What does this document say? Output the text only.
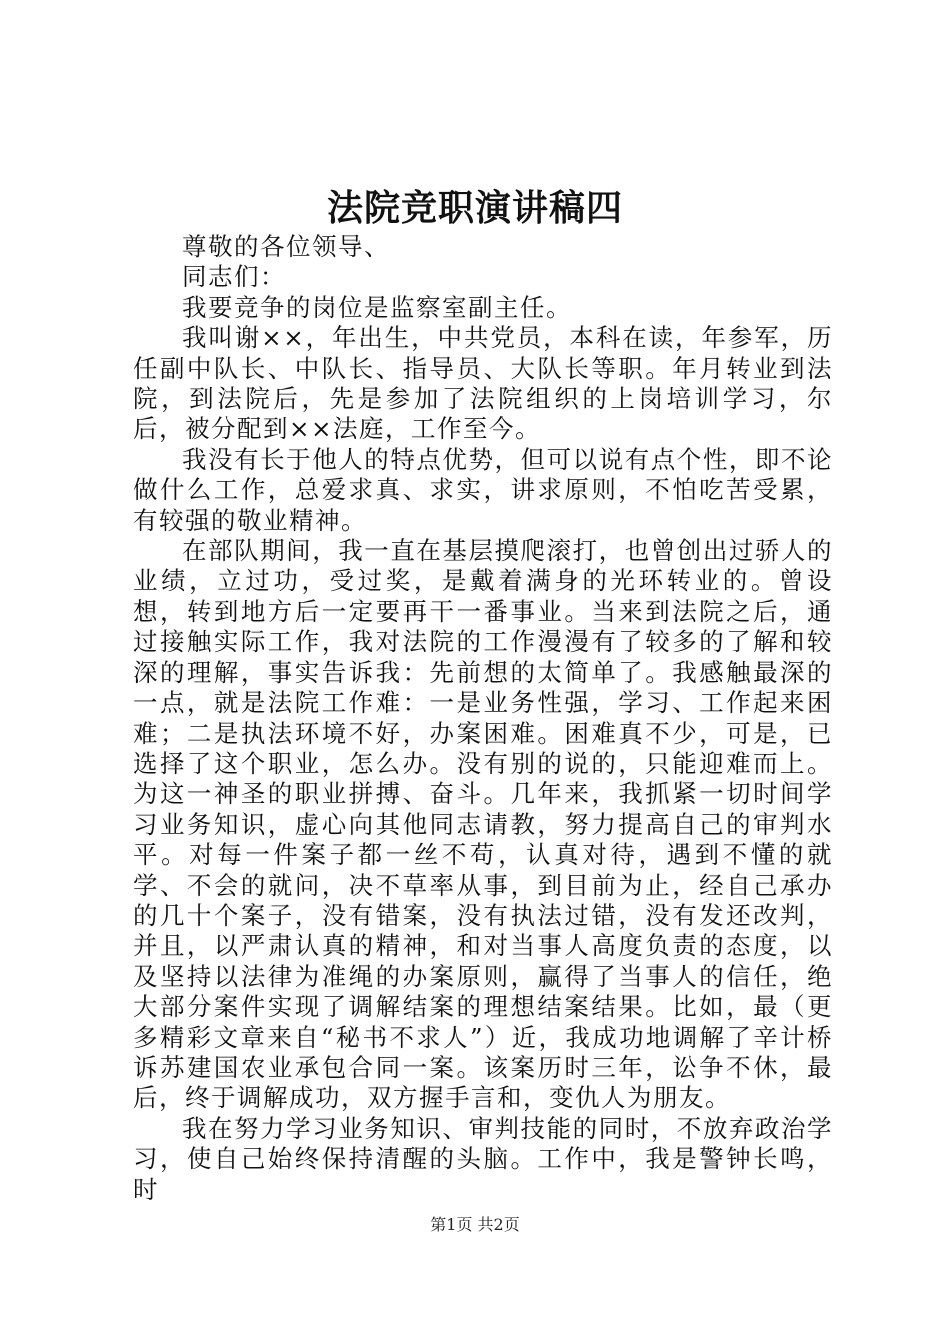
法院竞职演讲稿四

尊敬的各位领导、

同志们：

我要竞争的岗位是监察室副主任。

我叫谢××，年出生，中共党员，本科在读，年参军，历任副中队长、中队长、指导员、大队长等职。年月转业到法院，到法院后，先是参加了法院组织的上岗培训学习，尔后，被分配到××法庭，工作至今。

我没有长于他人的特点优势，但可以说有点个性，即不论做什么工作，总爱求真、求实，讲求原则，不怕吃苦受累，有较强的敬业精神。

在部队期间，我一直在基层摸爬滚打，也曾创出过骄人的业绩，立过功，受过奖，是戴着满身的光环转业的。曾设想，转到地方后一定要再干一番事业。当来到法院之后，通过接触实际工作，我对法院的工作漫漫有了较多的了解和较深的理解，事实告诉我：先前想的太简单了。我感触最深的一点，就是法院工作难：一是业务性强，学习、工作起来困难；二是执法环境不好，办案困难。困难真不少，可是，已选择了这个职业，怎么办。没有别的说的，只能迎难而上。为这一神圣的职业拼搏、奋斗。几年来，我抓紧一切时间学习业务知识，虚心向其他同志请教，努力提高自己的审判水平。对每一件案子都一丝不苟，认真对待，遇到不懂的就学、不会的就问，决不草率从事，到目前为止，经自己承办的几十个案子，没有错案，没有执法过错，没有发还改判，并且，以严肃认真的精神，和对当事人高度负责的态度，以及坚持以法律为准绳的办案原则，赢得了当事人的信任，绝大部分案件实现了调解结案的理想结案结果。比如，最（更多精彩文章来自“秘书不求人”）近，我成功地调解了辛计桥诉苏建国农业承包合同一案。该案历时三年，讼争不休，最后，终于调解成功，双方握手言和，变仇人为朋友。

我在努力学习业务知识、审判技能的同时，不放弃政治学习，使自己始终保持清醒的头脑。工作中，我是警钟长鸣，时

第1页 共2页
